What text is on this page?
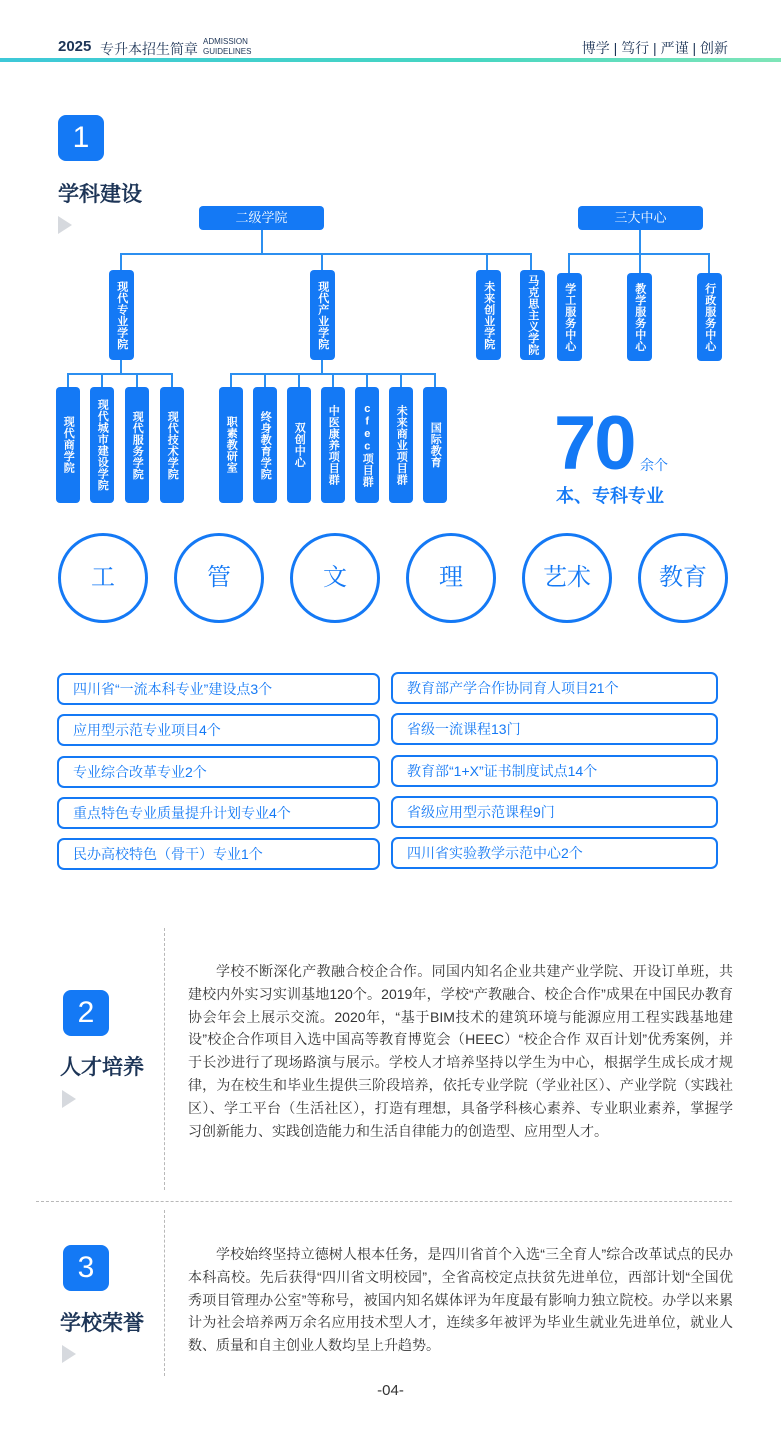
2025 专升本招生简章 ADMISSION
GUIDELINES	博学 | 笃行 | 严谨 | 创新
1
学科建设
二级学院	三大中心
现代专业学院	现代产业学院	未来创业学院	马克思主义学院 学工服务中心	教学服务中心	行政服务中心
现代商学院 现代城市建设学院 现代服务学院 现代技术学院	职素教研室 终身教育学院 双创中心 中医康养项目群 cfec项目群 未来商业项目群 国际教育 70 余个
本、专科专业
工	管	文	理	艺术	教育
四川省“一流本科专业”建设点3个
应用型示范专业项目4个
专业综合改革专业2个
重点特色专业质量提升计划专业4个
民办高校特色（骨干）专业1个
教育部产学合作协同育人项目21个
省级一流课程13门
教育部“1+X”证书制度试点14个
省级应用型示范课程9门
四川省实验教学示范中心2个
2
人才培养
学校不断深化产教融合校企合作。同国内知名企业共建产业学院、开设订单班，共建校内外实习实训基地120个。2019年，学校“产教融合、校企合作”成果在中国民办教育协会年会上展示交流。2020年，“基于BIM技术的建筑环境与能源应用工程实践基地建设”校企合作项目入选中国高等教育博览会（HEEC）“校企合作 双百计划”优秀案例，并于长沙进行了现场路演与展示。学校人才培养坚持以学生为中心，根据学生成长成才规律，为在校生和毕业生提供三阶段培养，依托专业学院（学业社区）、产业学院（实践社区）、学工平台（生活社区），打造有理想，具备学科核心素养、专业职业素养，掌握学习创新能力、实践创造能力和生活自律能力的创造型、应用型人才。
3
学校荣誉
学校始终坚持立德树人根本任务，是四川省首个入选“三全育人”综合改革试点的民办本科高校。先后获得“四川省文明校园”，全省高校定点扶贫先进单位，西部计划“全国优秀项目管理办公室”等称号，被国内知名媒体评为年度最有影响力独立院校。办学以来累计为社会培养两万余名应用技术型人才，连续多年被评为毕业生就业先进单位，就业人数、质量和自主创业人数均呈上升趋势。
-04-
